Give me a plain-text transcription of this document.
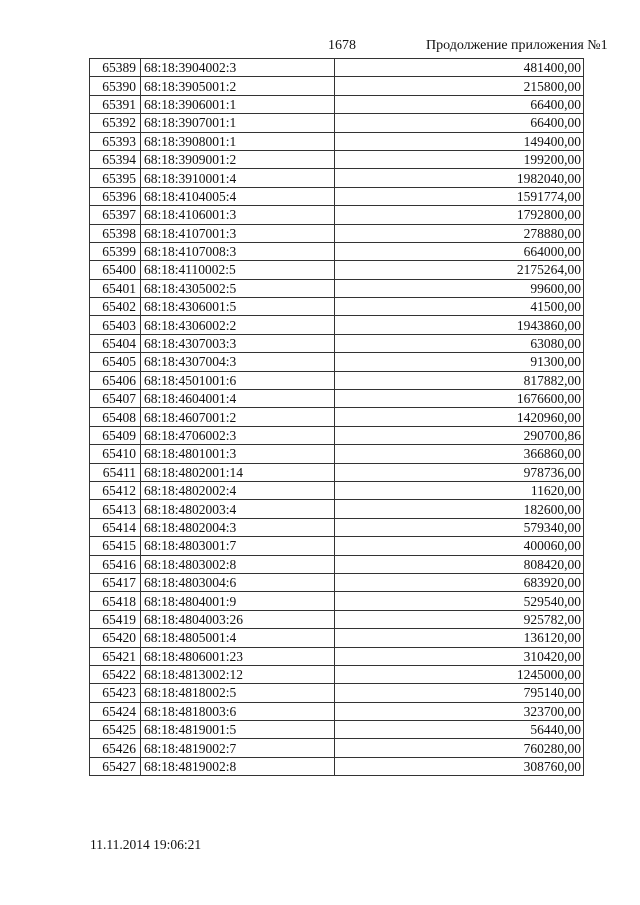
1678	Продолжение приложения №1
65389	68:18:3904002:3	481400,00
65390	68:18:3905001:2	215800,00
65391	68:18:3906001:1	66400,00
65392	68:18:3907001:1	66400,00
65393	68:18:3908001:1	149400,00
65394	68:18:3909001:2	199200,00
65395	68:18:3910001:4	1982040,00
65396	68:18:4104005:4	1591774,00
65397	68:18:4106001:3	1792800,00
65398	68:18:4107001:3	278880,00
65399	68:18:4107008:3	664000,00
65400	68:18:4110002:5	2175264,00
65401	68:18:4305002:5	99600,00
65402	68:18:4306001:5	41500,00
65403	68:18:4306002:2	1943860,00
65404	68:18:4307003:3	63080,00
65405	68:18:4307004:3	91300,00
65406	68:18:4501001:6	817882,00
65407	68:18:4604001:4	1676600,00
65408	68:18:4607001:2	1420960,00
65409	68:18:4706002:3	290700,86
65410	68:18:4801001:3	366860,00
65411	68:18:4802001:14	978736,00
65412	68:18:4802002:4	11620,00
65413	68:18:4802003:4	182600,00
65414	68:18:4802004:3	579340,00
65415	68:18:4803001:7	400060,00
65416	68:18:4803002:8	808420,00
65417	68:18:4803004:6	683920,00
65418	68:18:4804001:9	529540,00
65419	68:18:4804003:26	925782,00
65420	68:18:4805001:4	136120,00
65421	68:18:4806001:23	310420,00
65422	68:18:4813002:12	1245000,00
65423	68:18:4818002:5	795140,00
65424	68:18:4818003:6	323700,00
65425	68:18:4819001:5	56440,00
65426	68:18:4819002:7	760280,00
65427	68:18:4819002:8	308760,00
11.11.2014 19:06:21
